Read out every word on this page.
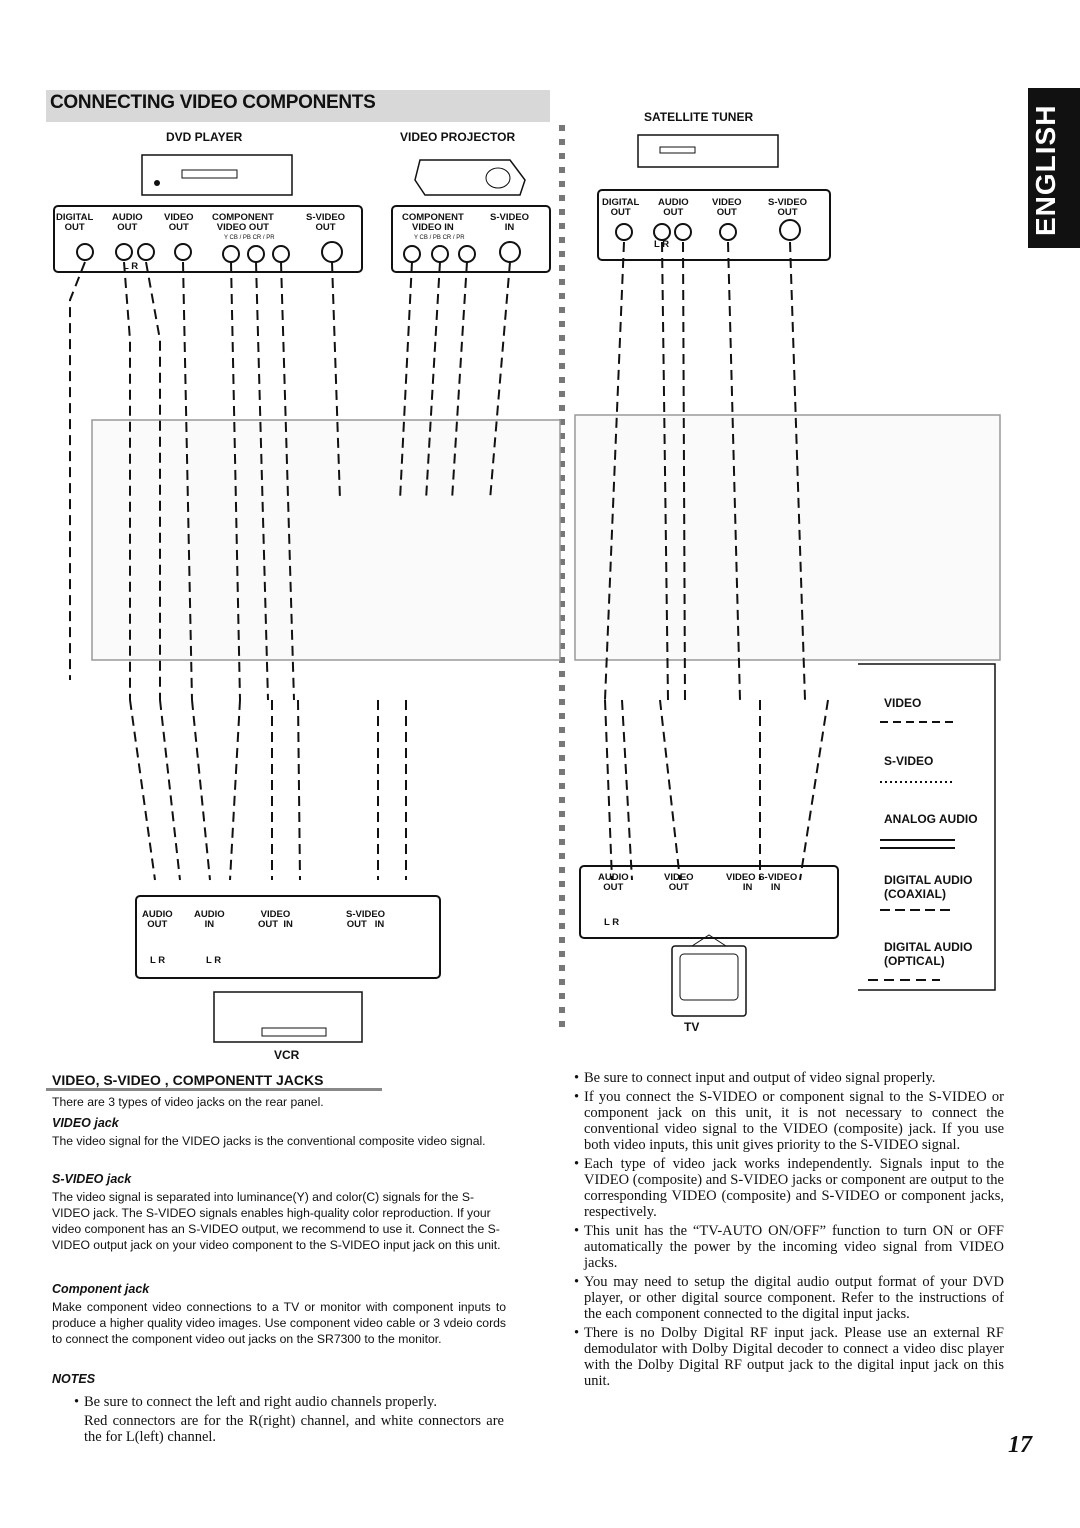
CONNECTING VIDEO COMPONENTS
ENGLISH
DVD PLAYER	VIDEO PROJECTOR
SATELLITE TUNER
VCR
TV
DIGITAL
OUT
AUDIO
OUT
VIDEO
OUT
COMPONENT
VIDEO OUT
S-VIDEO
OUT
Y CB / PB CR / PR
L R
COMPONENT
VIDEO IN
S-VIDEO
IN
Y CB / PB CR / PR
DIGITAL
OUT
AUDIO
OUT
VIDEO
OUT
S-VIDEO
OUT
L R
AUDIO
OUT
AUDIO
IN
VIDEO
OUT  IN
S-VIDEO
OUT   IN
L R	L R
AUDIO
OUT
VIDEO
OUT
VIDEO S-VIDEO
IN       IN
L R
VIDEO
S-VIDEO
ANALOG AUDIO
DIGITAL AUDIO
(COAXIAL)
DIGITAL AUDIO
(OPTICAL)
VIDEO, S-VIDEO , COMPONENTT JACKS
There are 3 types of video jacks on the rear panel.
VIDEO jack
The video signal for the VIDEO jacks is the conventional composite video signal.
S-VIDEO jack
The video signal is separated into luminance(Y) and color(C) signals for the S-VIDEO jack. The S-VIDEO signals enables high-quality color reproduction. If your video component has an S-VIDEO output, we recommend to use it. Connect the S-VIDEO output jack on your video component to the S-VIDEO input jack on this unit.
Component jack
Make component video connections to a TV or monitor with component inputs to produce a higher quality video images. Use component video cable or 3 vdeio cords to connect the component video out jacks on the SR7300 to the monitor.
NOTES
• Be sure to connect the left and right audio channels properly.
Red connectors are for the R(right) channel, and white connectors are the for L(left) channel.
• Be sure to connect input and output of video signal properly.
• If you connect the S-VIDEO or component signal to the S-VIDEO or component jack on this unit, it is not necessary to connect the conventional video signal to the VIDEO (composite) jack. If you use both video inputs, this unit gives priority to the S-VIDEO signal.
• Each type of video jack works independently. Signals input to the VIDEO (composite) and S-VIDEO jacks or component are output to the corresponding VIDEO (composite) and S-VIDEO or component jacks, respectively.
• This unit has the “TV-AUTO ON/OFF” function to turn ON or OFF automatically the power by the incoming video signal from VIDEO jacks.
• You may need to setup the digital audio output format of your DVD player, or other digital source component. Refer to the instructions of the each component connected to the digital input jacks.
• There is no Dolby Digital RF input jack. Please use an external RF demodulator with Dolby Digital decoder to connect a video disc player with the Dolby Digital RF output jack to the digital input jack on this unit.
17
